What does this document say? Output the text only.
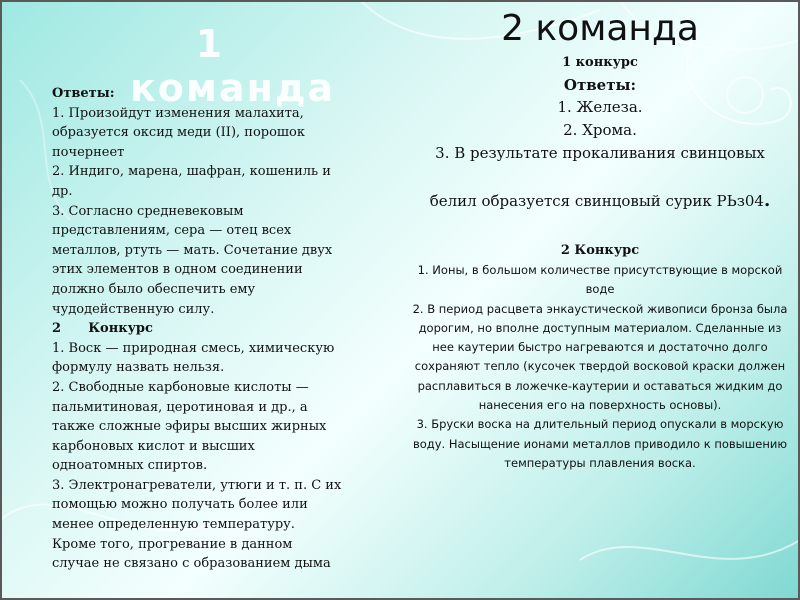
1 команда
2 команда

Ответы:

1. Произойдут изменения малахита, образуется оксид меди (II), порошок почернеет

2. Индиго, марена, шафран, кошениль и др.

3. Согласно средневековым представлениям, сера — отец всех металлов, ртуть — мать. Сочетание двух этих элементов в одном соединении должно было обеспечить ему чудодейственную силу.

2      Конкурс

1. Воск — природная смесь, химическую формулу назвать нельзя.

2. Свободные карбоновые кислоты — пальмитиновая, церотиновая и др., а также сложные эфиры высших жирных карбоновых кислот и высших одноатомных спиртов.

3. Электронагреватели, утюги и т. п. С их помощью можно получать более или менее определенную температуру. Кроме того, прогревание в данном случае не связано с образованием дыма

1 конкурс
Ответы:
1. Железа.
2. Хрома.
3. В результате прокаливания свинцовых
белил образуется свинцовый сурик PЬз04.
2 Конкурс
1. Ионы, в большом количестве присутствующие в морской воде
2. В период расцвета энкаустической живописи бронза была дорогим, но вполне доступным материалом. Сделанные из нее каутерии быстро нагреваются и достаточно долго сохраняют тепло (кусочек твердой восковой краски должен расплавиться в ложечке-каутерии и оставаться жидким до нанесения его на поверхность основы).
3. Бруски воска на длительный период опускали в морскую воду. Насыщение ионами металлов приводило к повышению температуры плавления воска.
